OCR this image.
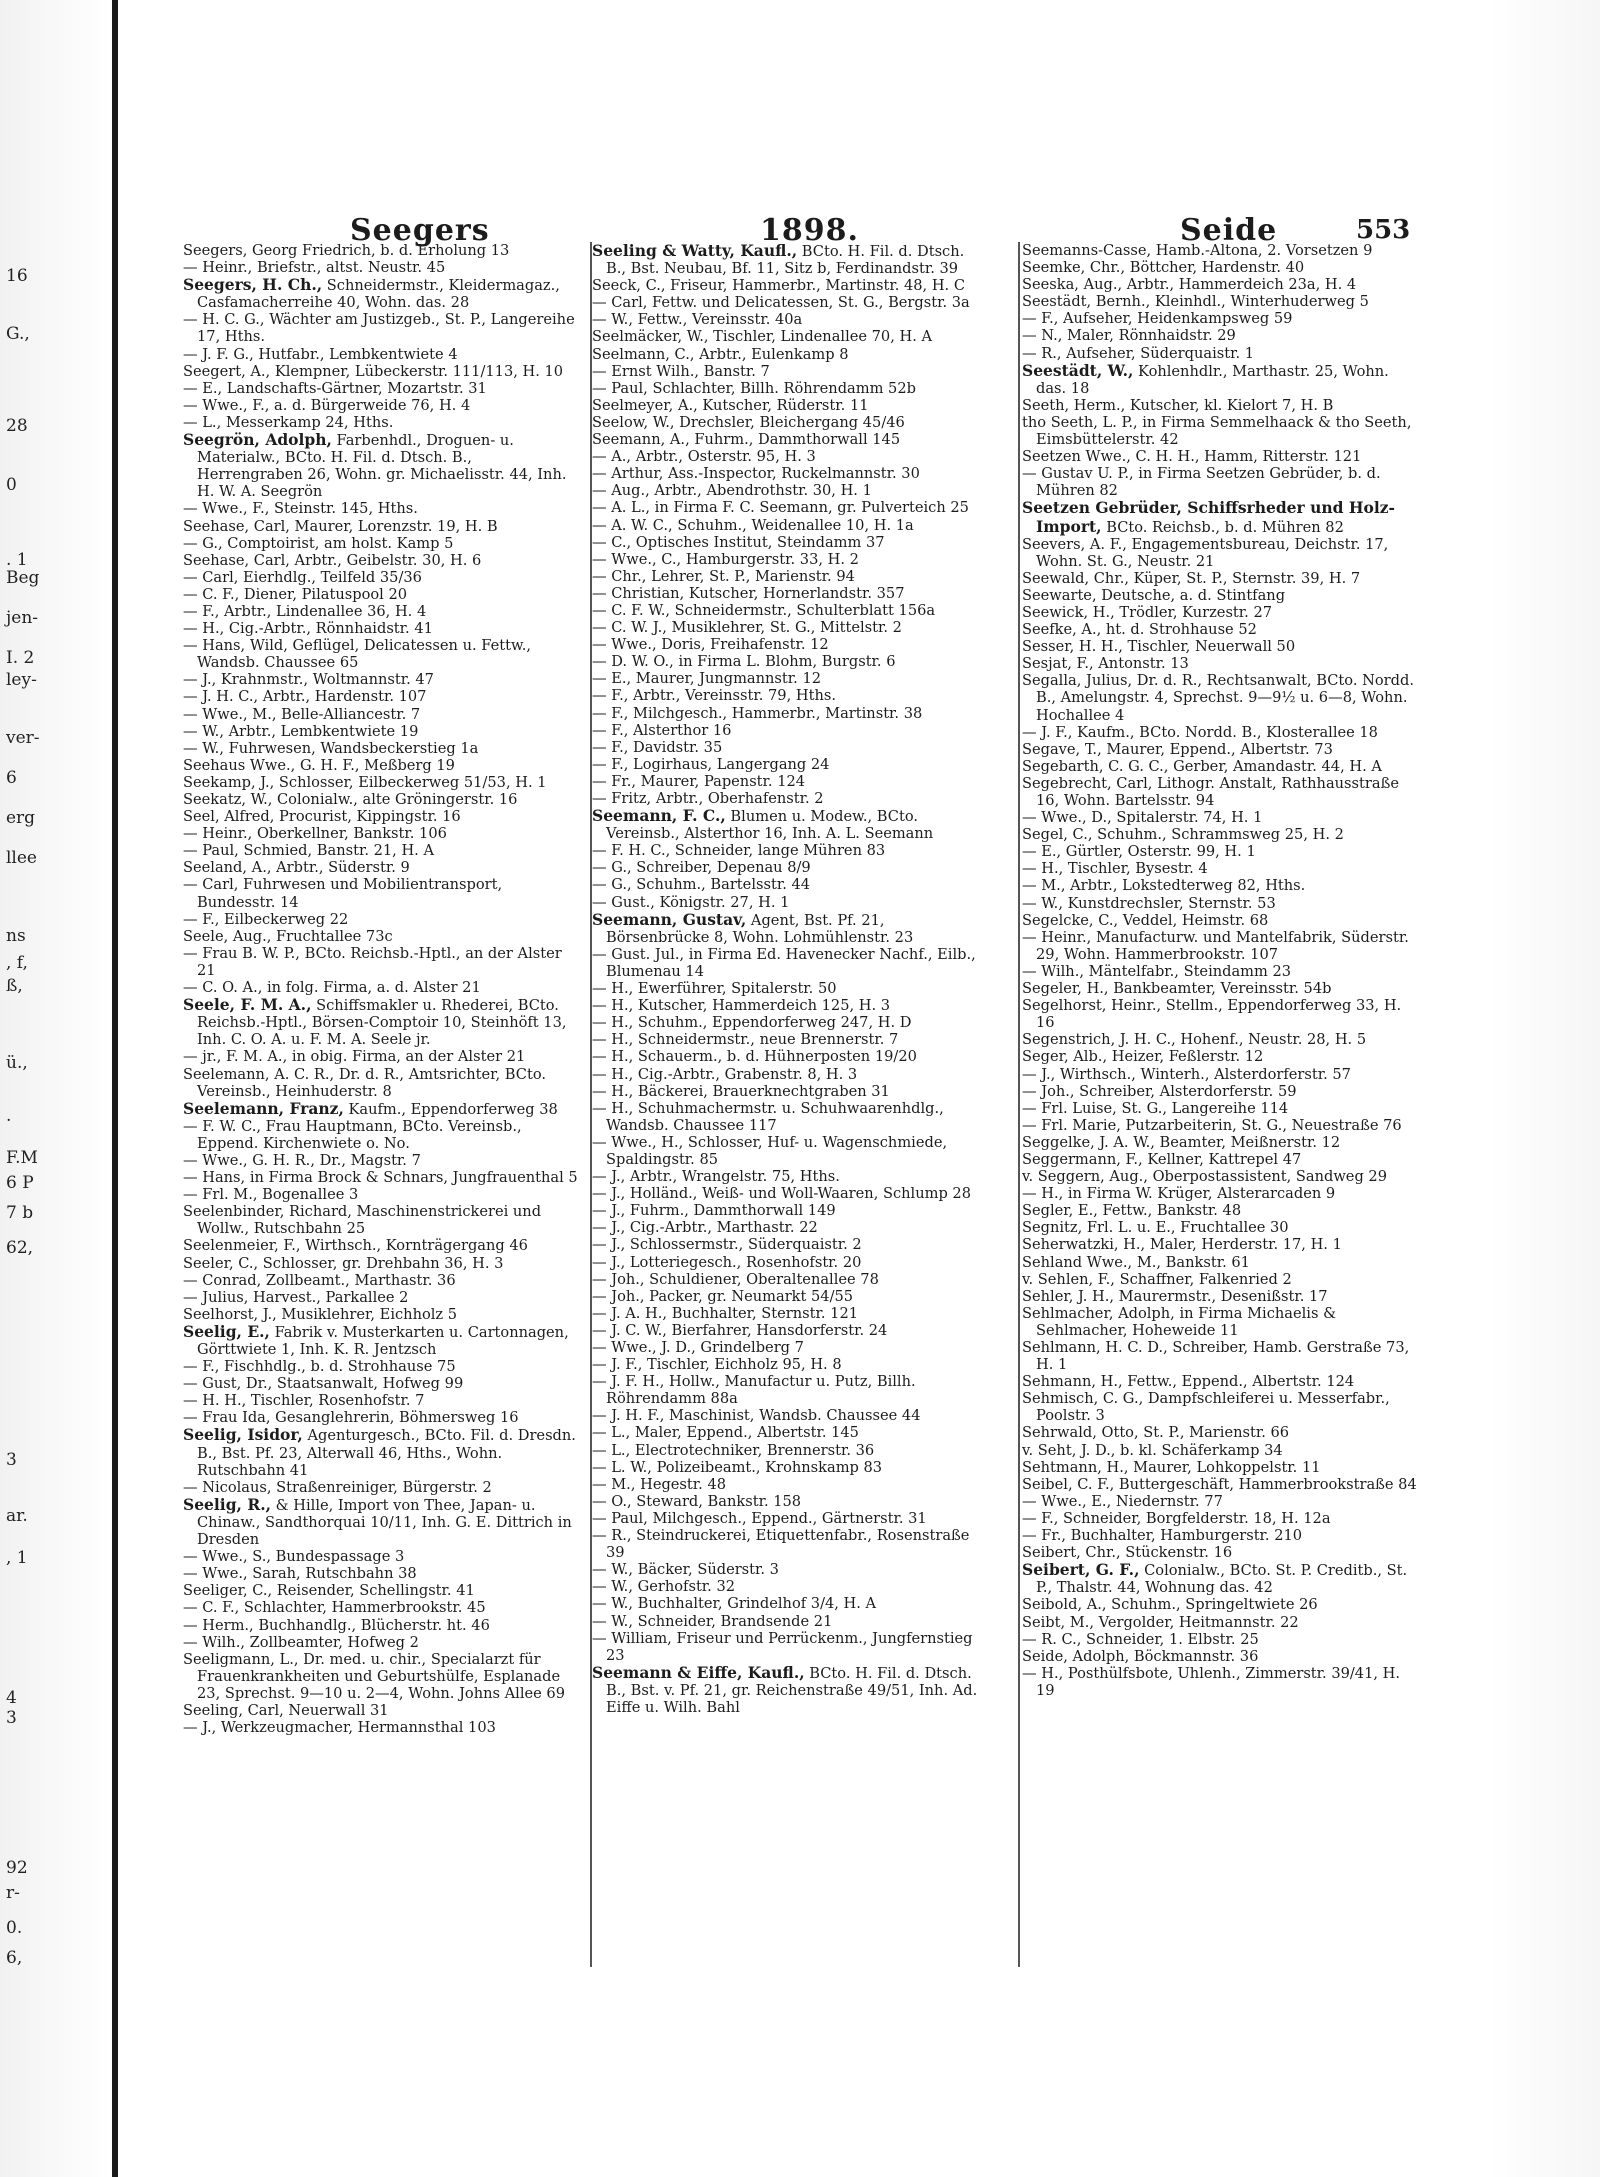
16
G.,
28
0
. 1
Beg
jen-
I. 2
ley-
ver-
6
erg
llee
ns
, f,
ß,
ü.,
.
F.M
6 P
7 b
62,
3
ar.
, 1
4
3
92
r-
0.
6,
Seegers	1898.	Seide	553
Seegers, Georg Friedrich, b. d. Erholung 13
— Heinr., Briefstr., altst. Neustr. 45
Seegers, H. Ch., Schneidermstr., Kleidermagaz., Casfamacherreihe 40, Wohn. das. 28
— H. C. G., Wächter am Justizgeb., St. P., Langereihe 17, Hths.
— J. F. G., Hutfabr., Lembkentwiete 4
Seegert, A., Klempner, Lübeckerstr. 111/113, H. 10
— E., Landschafts-Gärtner, Mozartstr. 31
— Wwe., F., a. d. Bürgerweide 76, H. 4
— L., Messerkamp 24, Hths.
Seegrön, Adolph, Farbenhdl., Droguen- u. Materialw., BCto. H. Fil. d. Dtsch. B., Herrengraben 26, Wohn. gr. Michaelisstr. 44, Inh. H. W. A. Seegrön
— Wwe., F., Steinstr. 145, Hths.
Seehase, Carl, Maurer, Lorenzstr. 19, H. B
— G., Comptoirist, am holst. Kamp 5
Seehase, Carl, Arbtr., Geibelstr. 30, H. 6
— Carl, Eierhdlg., Teilfeld 35/36
— C. F., Diener, Pilatuspool 20
— F., Arbtr., Lindenallee 36, H. 4
— H., Cig.-Arbtr., Rönnhaidstr. 41
— Hans, Wild, Geflügel, Delicatessen u. Fettw., Wandsb. Chaussee 65
— J., Krahnmstr., Woltmannstr. 47
— J. H. C., Arbtr., Hardenstr. 107
— Wwe., M., Belle-Alliancestr. 7
— W., Arbtr., Lembkentwiete 19
— W., Fuhrwesen, Wandsbeckerstieg 1a
Seehaus Wwe., G. H. F., Meßberg 19
Seekamp, J., Schlosser, Eilbeckerweg 51/53, H. 1
Seekatz, W., Colonialw., alte Gröningerstr. 16
Seel, Alfred, Procurist, Kippingstr. 16
— Heinr., Oberkellner, Bankstr. 106
— Paul, Schmied, Banstr. 21, H. A
Seeland, A., Arbtr., Süderstr. 9
— Carl, Fuhrwesen und Mobilientransport, Bundesstr. 14
— F., Eilbeckerweg 22
Seele, Aug., Fruchtallee 73c
— Frau B. W. P., BCto. Reichsb.-Hptl., an der Alster 21
— C. O. A., in folg. Firma, a. d. Alster 21
Seele, F. M. A., Schiffsmakler u. Rhederei, BCto. Reichsb.-Hptl., Börsen-Comptoir 10, Steinhöft 13, Inh. C. O. A. u. F. M. A. Seele jr.
— jr., F. M. A., in obig. Firma, an der Alster 21
Seelemann, A. C. R., Dr. d. R., Amtsrichter, BCto. Vereinsb., Heinhuderstr. 8
Seelemann, Franz, Kaufm., Eppendorferweg 38
— F. W. C., Frau Hauptmann, BCto. Vereinsb., Eppend. Kirchenwiete o. No.
— Wwe., G. H. R., Dr., Magstr. 7
— Hans, in Firma Brock & Schnars, Jungfrauenthal 5
— Frl. M., Bogenallee 3
Seelenbinder, Richard, Maschinenstrickerei und Wollw., Rutschbahn 25
Seelenmeier, F., Wirthsch., Kornträgergang 46
Seeler, C., Schlosser, gr. Drehbahn 36, H. 3
— Conrad, Zollbeamt., Marthastr. 36
— Julius, Harvest., Parkallee 2
Seelhorst, J., Musiklehrer, Eichholz 5
Seelig, E., Fabrik v. Musterkarten u. Cartonnagen, Görttwiete 1, Inh. K. R. Jentzsch
— F., Fischhdlg., b. d. Strohhause 75
— Gust, Dr., Staatsanwalt, Hofweg 99
— H. H., Tischler, Rosenhofstr. 7
— Frau Ida, Gesanglehrerin, Böhmersweg 16
Seelig, Isidor, Agenturgesch., BCto. Fil. d. Dresdn. B., Bst. Pf. 23, Alterwall 46, Hths., Wohn. Rutschbahn 41
— Nicolaus, Straßenreiniger, Bürgerstr. 2
Seelig, R., & Hille, Import von Thee, Japan- u. Chinaw., Sandthorquai 10/11, Inh. G. E. Dittrich in Dresden
— Wwe., S., Bundespassage 3
— Wwe., Sarah, Rutschbahn 38
Seeliger, C., Reisender, Schellingstr. 41
— C. F., Schlachter, Hammerbrookstr. 45
— Herm., Buchhandlg., Blücherstr. ht. 46
— Wilh., Zollbeamter, Hofweg 2
Seeligmann, L., Dr. med. u. chir., Specialarzt für Frauenkrankheiten und Geburtshülfe, Esplanade 23, Sprechst. 9—10 u. 2—4, Wohn. Johns Allee 69
Seeling, Carl, Neuerwall 31
— J., Werkzeugmacher, Hermannsthal 103
Seeling & Watty, Kaufl., BCto. H. Fil. d. Dtsch. B., Bst. Neubau, Bf. 11, Sitz b, Ferdinandstr. 39
Seeck, C., Friseur, Hammerbr., Martinstr. 48, H. C
— Carl, Fettw. und Delicatessen, St. G., Bergstr. 3a
— W., Fettw., Vereinsstr. 40a
Seelmäcker, W., Tischler, Lindenallee 70, H. A
Seelmann, C., Arbtr., Eulenkamp 8
— Ernst Wilh., Banstr. 7
— Paul, Schlachter, Billh. Röhrendamm 52b
Seelmeyer, A., Kutscher, Rüderstr. 11
Seelow, W., Drechsler, Bleichergang 45/46
Seemann, A., Fuhrm., Dammthorwall 145
— A., Arbtr., Osterstr. 95, H. 3
— Arthur, Ass.-Inspector, Ruckelmannstr. 30
— Aug., Arbtr., Abendrothstr. 30, H. 1
— A. L., in Firma F. C. Seemann, gr. Pulverteich 25
— A. W. C., Schuhm., Weidenallee 10, H. 1a
— C., Optisches Institut, Steindamm 37
— Wwe., C., Hamburgerstr. 33, H. 2
— Chr., Lehrer, St. P., Marienstr. 94
— Christian, Kutscher, Hornerlandstr. 357
— C. F. W., Schneidermstr., Schulterblatt 156a
— C. W. J., Musiklehrer, St. G., Mittelstr. 2
— Wwe., Doris, Freihafenstr. 12
— D. W. O., in Firma L. Blohm, Burgstr. 6
— E., Maurer, Jungmannstr. 12
— F., Arbtr., Vereinsstr. 79, Hths.
— F., Milchgesch., Hammerbr., Martinstr. 38
— F., Alsterthor 16
— F., Davidstr. 35
— F., Logirhaus, Langergang 24
— Fr., Maurer, Papenstr. 124
— Fritz, Arbtr., Oberhafenstr. 2
Seemann, F. C., Blumen u. Modew., BCto. Vereinsb., Alsterthor 16, Inh. A. L. Seemann
— F. H. C., Schneider, lange Mühren 83
— G., Schreiber, Depenau 8/9
— G., Schuhm., Bartelsstr. 44
— Gust., Königstr. 27, H. 1
Seemann, Gustav, Agent, Bst. Pf. 21, Börsenbrücke 8, Wohn. Lohmühlenstr. 23
— Gust. Jul., in Firma Ed. Havenecker Nachf., Eilb., Blumenau 14
— H., Ewerführer, Spitalerstr. 50
— H., Kutscher, Hammerdeich 125, H. 3
— H., Schuhm., Eppendorferweg 247, H. D
— H., Schneidermstr., neue Brennerstr. 7
— H., Schauerm., b. d. Hühnerposten 19/20
— H., Cig.-Arbtr., Grabenstr. 8, H. 3
— H., Bäckerei, Brauerknechtgraben 31
— H., Schuhmachermstr. u. Schuhwaarenhdlg., Wandsb. Chaussee 117
— Wwe., H., Schlosser, Huf- u. Wagenschmiede, Spaldingstr. 85
— J., Arbtr., Wrangelstr. 75, Hths.
— J., Holländ., Weiß- und Woll-Waaren, Schlump 28
— J., Fuhrm., Dammthorwall 149
— J., Cig.-Arbtr., Marthastr. 22
— J., Schlossermstr., Süderquaistr. 2
— J., Lotteriegesch., Rosenhofstr. 20
— Joh., Schuldiener, Oberaltenallee 78
— Joh., Packer, gr. Neumarkt 54/55
— J. A. H., Buchhalter, Sternstr. 121
— J. C. W., Bierfahrer, Hansdorferstr. 24
— Wwe., J. D., Grindelberg 7
— J. F., Tischler, Eichholz 95, H. 8
— J. F. H., Hollw., Manufactur u. Putz, Billh. Röhrendamm 88a
— J. H. F., Maschinist, Wandsb. Chaussee 44
— L., Maler, Eppend., Albertstr. 145
— L., Electrotechniker, Brennerstr. 36
— L. W., Polizeibeamt., Krohnskamp 83
— M., Hegestr. 48
— O., Steward, Bankstr. 158
— Paul, Milchgesch., Eppend., Gärtnerstr. 31
— R., Steindruckerei, Etiquettenfabr., Rosenstraße 39
— W., Bäcker, Süderstr. 3
— W., Gerhofstr. 32
— W., Buchhalter, Grindelhof 3/4, H. A
— W., Schneider, Brandsende 21
— William, Friseur und Perrückenm., Jungfernstieg 23
Seemann & Eiffe, Kaufl., BCto. H. Fil. d. Dtsch. B., Bst. v. Pf. 21, gr. Reichenstraße 49/51, Inh. Ad. Eiffe u. Wilh. Bahl
Seemanns-Casse, Hamb.-Altona, 2. Vorsetzen 9
Seemke, Chr., Böttcher, Hardenstr. 40
Seeska, Aug., Arbtr., Hammerdeich 23a, H. 4
Seestädt, Bernh., Kleinhdl., Winterhuderweg 5
— F., Aufseher, Heidenkampsweg 59
— N., Maler, Rönnhaidstr. 29
— R., Aufseher, Süderquaistr. 1
Seestädt, W., Kohlenhdlr., Marthastr. 25, Wohn. das. 18
Seeth, Herm., Kutscher, kl. Kielort 7, H. B
tho Seeth, L. P., in Firma Semmelhaack & tho Seeth, Eimsbüttelerstr. 42
Seetzen Wwe., C. H. H., Hamm, Ritterstr. 121
— Gustav U. P., in Firma Seetzen Gebrüder, b. d. Mühren 82
Seetzen Gebrüder, Schiffsrheder und Holz-Import, BCto. Reichsb., b. d. Mühren 82
Seevers, A. F., Engagementsbureau, Deichstr. 17, Wohn. St. G., Neustr. 21
Seewald, Chr., Küper, St. P., Sternstr. 39, H. 7
Seewarte, Deutsche, a. d. Stintfang
Seewick, H., Trödler, Kurzestr. 27
Seefke, A., ht. d. Strohhause 52
Sesser, H. H., Tischler, Neuerwall 50
Sesjat, F., Antonstr. 13
Segalla, Julius, Dr. d. R., Rechtsanwalt, BCto. Nordd. B., Amelungstr. 4, Sprechst. 9—9½ u. 6—8, Wohn. Hochallee 4
— J. F., Kaufm., BCto. Nordd. B., Klosterallee 18
Segave, T., Maurer, Eppend., Albertstr. 73
Segebarth, C. G. C., Gerber, Amandastr. 44, H. A
Segebrecht, Carl, Lithogr. Anstalt, Rathhausstraße 16, Wohn. Bartelsstr. 94
— Wwe., D., Spitalerstr. 74, H. 1
Segel, C., Schuhm., Schrammsweg 25, H. 2
— E., Gürtler, Osterstr. 99, H. 1
— H., Tischler, Bysestr. 4
— M., Arbtr., Lokstedterweg 82, Hths.
— W., Kunstdrechsler, Sternstr. 53
Segelcke, C., Veddel, Heimstr. 68
— Heinr., Manufacturw. und Mantelfabrik, Süderstr. 29, Wohn. Hammerbrookstr. 107
— Wilh., Mäntelfabr., Steindamm 23
Segeler, H., Bankbeamter, Vereinsstr. 54b
Segelhorst, Heinr., Stellm., Eppendorferweg 33, H. 16
Segenstrich, J. H. C., Hohenf., Neustr. 28, H. 5
Seger, Alb., Heizer, Feßlerstr. 12
— J., Wirthsch., Winterh., Alsterdorferstr. 57
— Joh., Schreiber, Alsterdorferstr. 59
— Frl. Luise, St. G., Langereihe 114
— Frl. Marie, Putzarbeiterin, St. G., Neuestraße 76
Seggelke, J. A. W., Beamter, Meißnerstr. 12
Seggermann, F., Kellner, Kattrepel 47
v. Seggern, Aug., Oberpostassistent, Sandweg 29
— H., in Firma W. Krüger, Alsterarcaden 9
Segler, E., Fettw., Bankstr. 48
Segnitz, Frl. L. u. E., Fruchtallee 30
Seherwatzki, H., Maler, Herderstr. 17, H. 1
Sehland Wwe., M., Bankstr. 61
v. Sehlen, F., Schaffner, Falkenried 2
Sehler, J. H., Maurermstr., Desenißstr. 17
Sehlmacher, Adolph, in Firma Michaelis & Sehlmacher, Hoheweide 11
Sehlmann, H. C. D., Schreiber, Hamb. Gerstraße 73, H. 1
Sehmann, H., Fettw., Eppend., Albertstr. 124
Sehmisch, C. G., Dampfschleiferei u. Messerfabr., Poolstr. 3
Sehrwald, Otto, St. P., Marienstr. 66
v. Seht, J. D., b. kl. Schäferkamp 34
Sehtmann, H., Maurer, Lohkoppelstr. 11
Seibel, C. F., Buttergeschäft, Hammerbrookstraße 84
— Wwe., E., Niedernstr. 77
— F., Schneider, Borgfelderstr. 18, H. 12a
— Fr., Buchhalter, Hamburgerstr. 210
Seibert, Chr., Stückenstr. 16
Seibert, G. F., Colonialw., BCto. St. P. Creditb., St. P., Thalstr. 44, Wohnung das. 42
Seibold, A., Schuhm., Springeltwiete 26
Seibt, M., Vergolder, Heitmannstr. 22
— R. C., Schneider, 1. Elbstr. 25
Seide, Adolph, Böckmannstr. 36
— H., Posthülfsbote, Uhlenh., Zimmerstr. 39/41, H. 19
